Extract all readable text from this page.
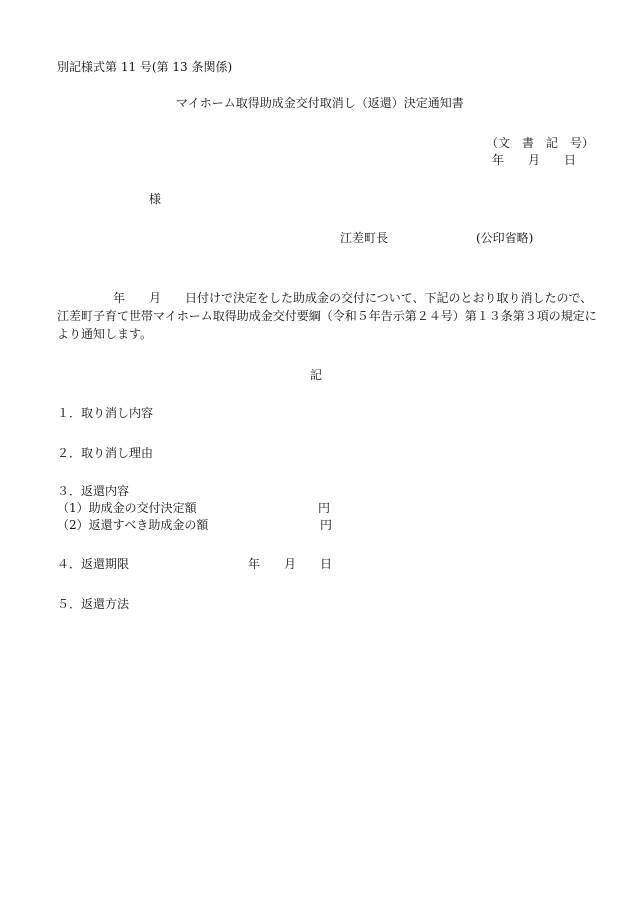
別記様式第 11 号(第 13 条関係)
マイホーム取得助成金交付取消し（返還）決定通知書
（文　書　記　号）
年　　月　　日
様
江差町長	(公印省略)
年　　月　　日付けで決定をした助成金の交付について、下記のとおり取り消したので、
江差町子育て世帯マイホーム取得助成金交付要綱（令和５年告示第２４号）第１３条第３項の規定に
より通知します。
記
１．取り消し内容
２．取り消し理由
３．返還内容
（1）助成金の交付決定額	円
（2）返還すべき助成金の額	円
４．返還期限	年　　月　　日
５．返還方法
